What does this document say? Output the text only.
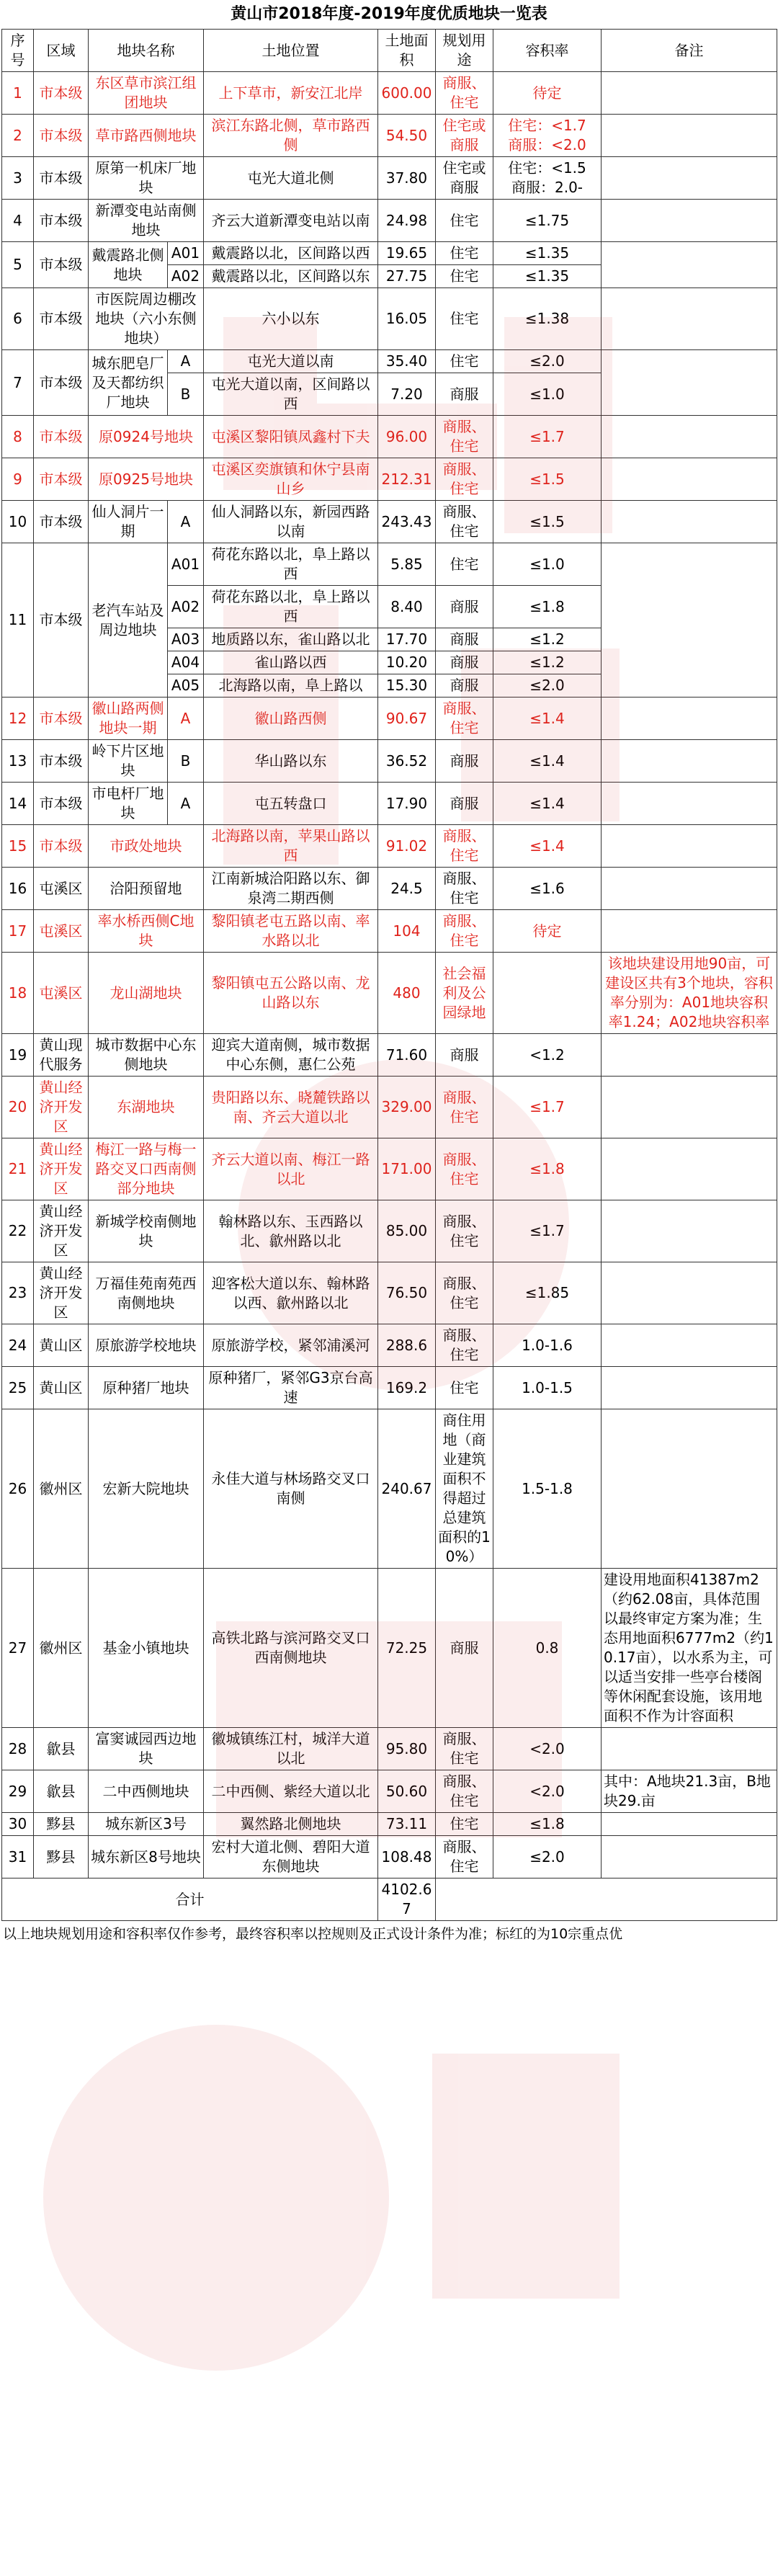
黄山市2018年度-2019年度优质地块一览表
序号	区域	地块名称		土地位置	土地面积	规划用途	容积率	备注
1	市本级	东区草市滨江组团地块		上下草市，新安江北岸	600.00	商服、住宅	待定	
2	市本级	草市路西侧地块		滨江东路北侧，草市路西侧	54.50	住宅或商服	住宅：<1.7
商服：<2.0	
3	市本级	原第一机床厂地块		屯光大道北侧	37.80	住宅或商服	住宅：<1.5
商服：2.0-	
4	市本级	新潭变电站南侧地块		齐云大道新潭变电站以南	24.98	住宅	≤1.75	
5	市本级	戴震路北侧地块	A01	戴震路以北，区间路以西	19.65	住宅	≤1.35	
			A02	戴震路以北，区间路以东	27.75	住宅	≤1.35	
6	市本级	市医院周边棚改地块（六小东侧地块）		六小以东	16.05	住宅	≤1.38	
7	市本级	城东肥皂厂及天都纺织厂地块	A	屯光大道以南	35.40	住宅	≤2.0	
			B	屯光大道以南，区间路以西	7.20	商服	≤1.0	
8	市本级	原0924号地块		屯溪区黎阳镇凤鑫村下夫	96.00	商服、住宅	≤1.7	
9	市本级	原0925号地块		屯溪区奕旗镇和休宁县南山乡	212.31	商服、住宅	≤1.5	
10	市本级	仙人洞片一期	A	仙人洞路以东，新园西路以南	243.43	商服、住宅	≤1.5	
11	市本级	老汽车站及周边地块	A01	荷花东路以北，阜上路以西	5.85	住宅	≤1.0	
			A02	荷花东路以北，阜上路以西	8.40	商服	≤1.8	
			A03	地质路以东，雀山路以北	17.70	商服	≤1.2	
			A04	雀山路以西	10.20	商服	≤1.2	
			A05	北海路以南，阜上路以	15.30	商服	≤2.0	
12	市本级	徽山路两侧地块一期	A	徽山路西侧	90.67	商服、住宅	≤1.4	
13	市本级	岭下片区地块	B	华山路以东	36.52	商服	≤1.4	
14	市本级	市电杆厂地块	A	屯五转盘口	17.90	商服	≤1.4	
15	市本级	市政处地块		北海路以南，苹果山路以西	91.02	商服、住宅	≤1.4	
16	屯溪区	洽阳预留地		江南新城洽阳路以东、御泉湾二期西侧	24.5	商服、住宅	≤1.6	
17	屯溪区	率水桥西侧C地块		黎阳镇老屯五路以南、率水路以北	104	商服、住宅	待定	
18	屯溪区	龙山湖地块		黎阳镇屯五公路以南、龙山路以东	480	社会福利及公园绿地		该地块建设用地90亩，可建设区共有3个地块，容积率分别为：A01地块容积率1.24；A02地块容积率
19	黄山现代服务	城市数据中心东侧地块		迎宾大道南侧，城市数据中心东侧，惠仁公苑	71.60	商服	<1.2	
20	黄山经济开发区	东湖地块		贵阳路以东、晓麓铁路以南、齐云大道以北	329.00	商服、住宅	≤1.7	
21	黄山经济开发区	梅江一路与梅一路交叉口西南侧部分地块		齐云大道以南、梅江一路以北	171.00	商服、住宅	≤1.8	
22	黄山经济开发区	新城学校南侧地块		翰林路以东、玉西路以北、歙州路以北	85.00	商服、住宅	≤1.7	
23	黄山经济开发区	万福佳苑南苑西南侧地块		迎客松大道以东、翰林路以西、歙州路以北	76.50	商服、住宅	≤1.85	
24	黄山区	原旅游学校地块		原旅游学校，紧邻浦溪河	288.6	商服、住宅	1.0-1.6	
25	黄山区	原种猪厂地块		原种猪厂，紧邻G3京台高速	169.2	住宅	1.0-1.5	
26	徽州区	宏新大院地块		永佳大道与林场路交叉口南侧	240.67	商住用地（商业建筑面积不得超过总建筑面积的10%）	1.5-1.8	
27	徽州区	基金小镇地块		高铁北路与滨河路交叉口西南侧地块	72.25	商服	0.8	建设用地面积41387m2（约62.08亩，具体范围以最终审定方案为准；生态用地面积6777m2（约10.17亩），以水系为主，可以适当安排一些亭台楼阁等休闲配套设施，该用地面积不作为计容面积
28	歙县	富窦诚园西边地块		徽城镇练江村，城洋大道以北	95.80	商服、住宅	<2.0	
29	歙县	二中西侧地块		二中西侧、紫经大道以北	50.60	商服、住宅	<2.0	其中：A地块21.3亩，B地块29.亩
30	黟县	城东新区3号		翼然路北侧地块	73.11	住宅	≤1.8	
31	黟县	城东新区8号地块		宏村大道北侧、碧阳大道东侧地块	108.48	商服、住宅	≤2.0	
合计					4102.67			
以上地块规划用途和容积率仅作参考，最终容积率以控规则及正式设计条件为准；标红的为10宗重点优
